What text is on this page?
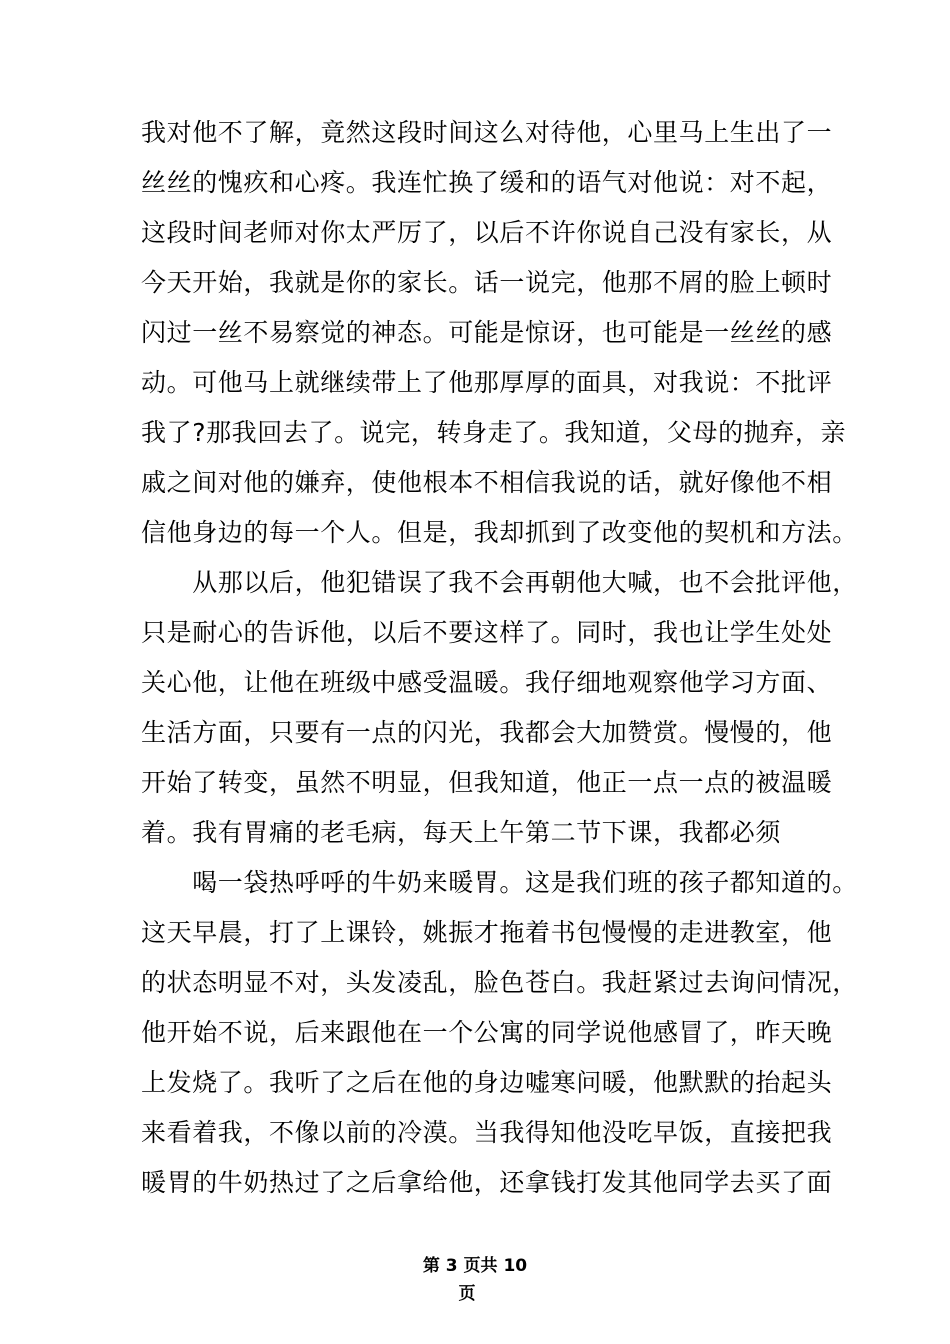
我对他不了解，竟然这段时间这么对待他，心里马上生出了一
丝丝的愧疚和心疼。我连忙换了缓和的语气对他说：对不起，
这段时间老师对你太严厉了，以后不许你说自己没有家长，从
今天开始，我就是你的家长。话一说完，他那不屑的脸上顿时
闪过一丝不易察觉的神态。可能是惊讶，也可能是一丝丝的感
动。可他马上就继续带上了他那厚厚的面具，对我说：不批评
我了?那我回去了。说完，转身走了。我知道，父母的抛弃，亲
戚之间对他的嫌弃，使他根本不相信我说的话，就好像他不相
信他身边的每一个人。但是，我却抓到了改变他的契机和方法。
　　从那以后，他犯错误了我不会再朝他大喊，也不会批评他，
只是耐心的告诉他，以后不要这样了。同时，我也让学生处处
关心他，让他在班级中感受温暖。我仔细地观察他学习方面、
生活方面，只要有一点的闪光，我都会大加赞赏。慢慢的，他
开始了转变，虽然不明显，但我知道，他正一点一点的被温暖
着。我有胃痛的老毛病，每天上午第二节下课，我都必须
　　喝一袋热呼呼的牛奶来暖胃。这是我们班的孩子都知道的。
这天早晨，打了上课铃，姚振才拖着书包慢慢的走进教室，他
的状态明显不对，头发凌乱，脸色苍白。我赶紧过去询问情况，
他开始不说，后来跟他在一个公寓的同学说他感冒了，昨天晚
上发烧了。我听了之后在他的身边嘘寒问暖，他默默的抬起头
来看着我，不像以前的冷漠。当我得知他没吃早饭，直接把我
暖胃的牛奶热过了之后拿给他，还拿钱打发其他同学去买了面
第 3 页共 10
页
